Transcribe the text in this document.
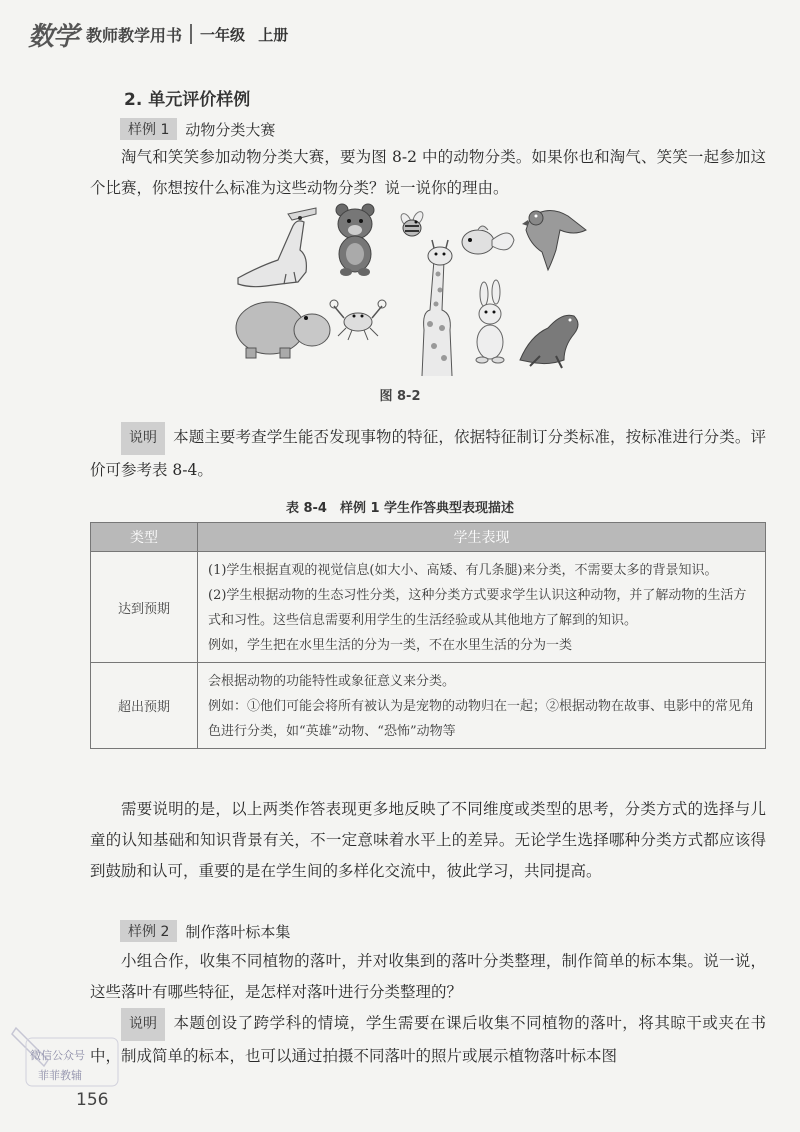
数学 教师教学用书 一年级 上册
2. 单元评价样例
样例 1	动物分类大赛
淘气和笑笑参加动物分类大赛，要为图 8-2 中的动物分类。如果你也和淘气、笑笑一起参加这个比赛，你想按什么标准为这些动物分类？说一说你的理由。
图 8-2
说明 本题主要考查学生能否发现事物的特征，依据特征制订分类标准，按标准进行分类。评价可参考表 8-4。
表 8-4　样例 1 学生作答典型表现描述
类型	学生表现
达到预期	(1)学生根据直观的视觉信息(如大小、高矮、有几条腿)来分类，不需要太多的背景知识。

(2)学生根据动物的生态习性分类，这种分类方式要求学生认识这种动物，并了解动物的生活方式和习性。这些信息需要利用学生的生活经验或从其他地方了解到的知识。

例如，学生把在水里生活的分为一类，不在水里生活的分为一类

超出预期	会根据动物的功能特性或象征意义来分类。

例如：①他们可能会将所有被认为是宠物的动物归在一起；②根据动物在故事、电影中的常见角色进行分类，如“英雄”动物、“恐怖”动物等

需要说明的是，以上两类作答表现更多地反映了不同维度或类型的思考，分类方式的选择与儿童的认知基础和知识背景有关，不一定意味着水平上的差异。无论学生选择哪种分类方式都应该得到鼓励和认可，重要的是在学生间的多样化交流中，彼此学习，共同提高。
样例 2	制作落叶标本集
小组合作，收集不同植物的落叶，并对收集到的落叶分类整理，制作简单的标本集。说一说，这些落叶有哪些特征，是怎样对落叶进行分类整理的？
说明 本题创设了跨学科的情境，学生需要在课后收集不同植物的落叶，将其晾干或夹在书中，制成简单的标本，也可以通过拍摄不同落叶的照片或展示植物落叶标本图
微信公众号
菲菲教辅
156
